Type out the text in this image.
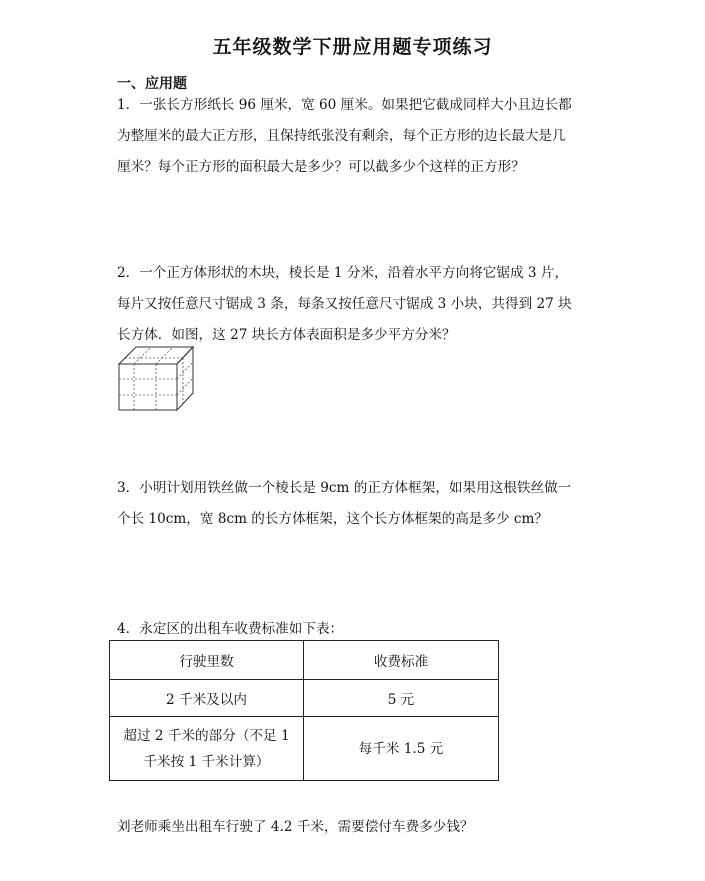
五年级数学下册应用题专项练习
一、应用题
1．一张长方形纸长 96 厘米，宽 60 厘米。如果把它截成同样大小且边长都
为整厘米的最大正方形，且保持纸张没有剩余，每个正方形的边长最大是几
厘米？每个正方形的面积最大是多少？可以截多少个这样的正方形？
2．一个正方体形状的木块，棱长是 1 分米，沿着水平方向将它锯成 3 片，
每片又按任意尺寸锯成 3 条，每条又按任意尺寸锯成 3 小块，共得到 27 块
长方体．如图，这 27 块长方体表面积是多少平方分米？
3．小明计划用铁丝做一个棱长是 9cm 的正方体框架，如果用这根铁丝做一
个长 10cm，宽 8cm 的长方体框架，这个长方体框架的高是多少 cm？
4．永定区的出租车收费标准如下表：
行驶里数	收费标准
2 千米及以内	5 元
超过 2 千米的部分（不足 1
千米按 1 千米计算）	每千米 1.5 元
刘老师乘坐出租车行驶了 4.2 千米，需要偿付车费多少钱？
